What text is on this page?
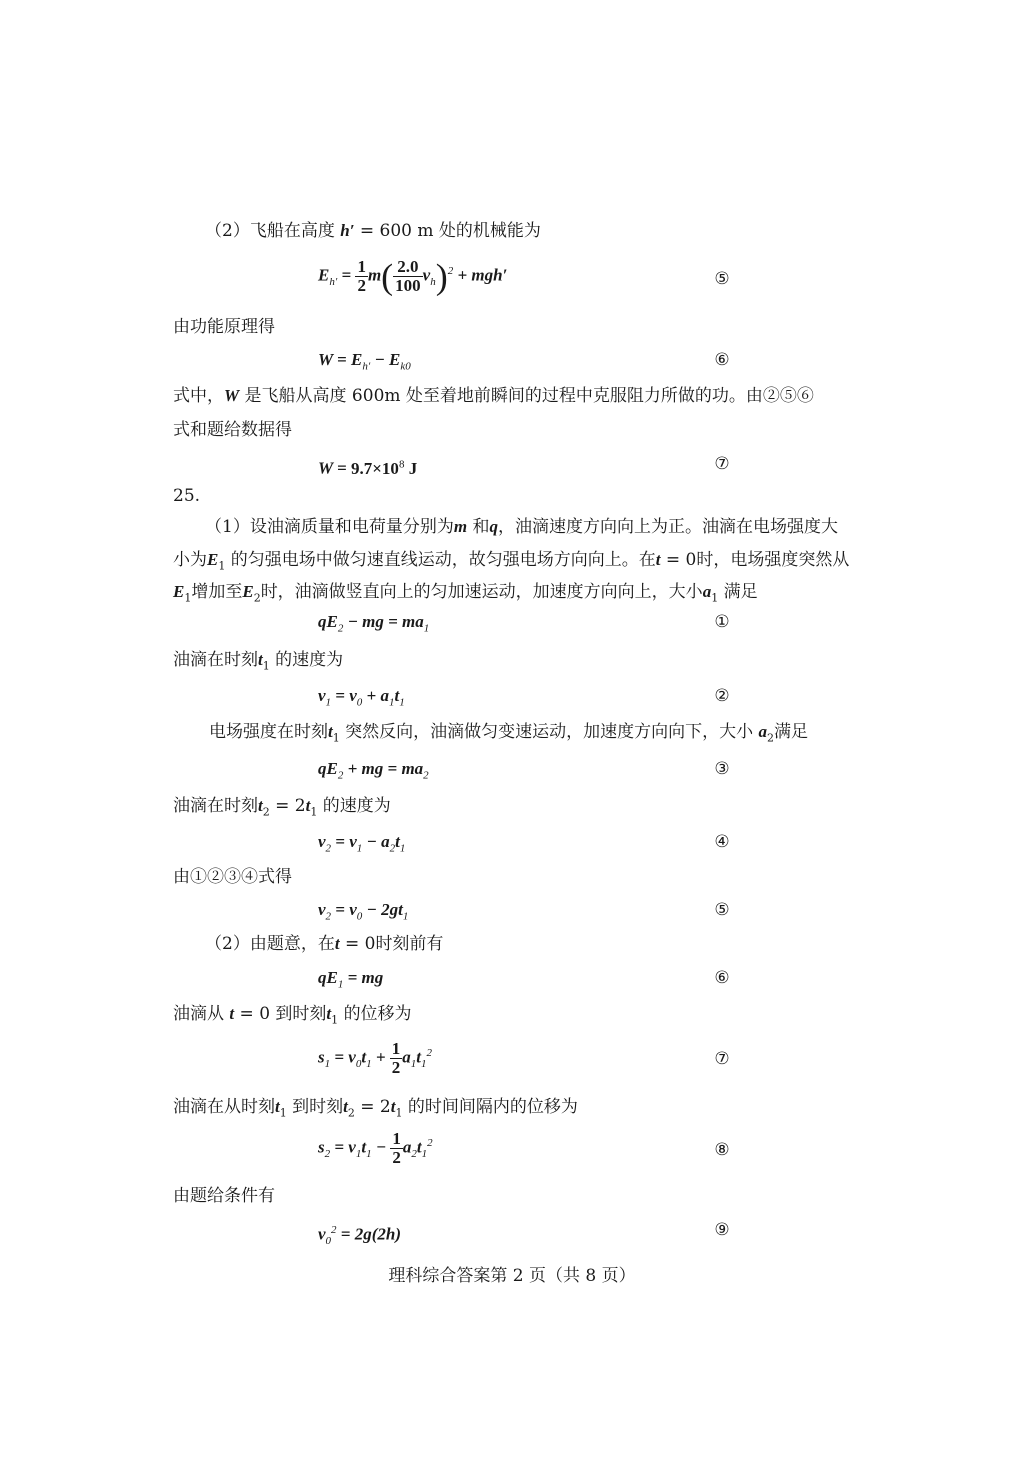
（2）飞船在高度 h′ = 600 m 处的机械能为
$E_{h'} = \frac{1}{2} m( \frac{2.0}{100} v_h)^2 + mgh'$	⑤
由功能原理得
$W = E_{h'} - E_{k0}$	⑥
式中，W 是飞船从高度 600m 处至着地前瞬间的过程中克服阻力所做的功。由②⑤⑥
式和题给数据得
$W = 9.7\times 10^8$ J	⑦
25.
（1）设油滴质量和电荷量分别为m 和q，油滴速度方向向上为正。油滴在电场强度大
小为$E_1$ 的匀强电场中做匀速直线运动，故匀强电场方向向上。在t = 0时，电场强度突然从
$E_1$增加至$E_2$时，油滴做竖直向上的匀加速运动，加速度方向向上，大小$a_1$ 满足
$qE_2$ − mg = $ma_1$	①
油滴在时刻$t_1$ 的速度为
$v_1 = v_0 + a_1t_1$	②
电场强度在时刻$t_1$ 突然反向，油滴做匀变速运动，加速度方向向下，大小 $a_2$满足
$qE_2$ + mg = $ma_2$	③
油滴在时刻$t_2 = 2t_1$ 的速度为
$v_2 = v_1 - a_2t_1$	④
由①②③④式得
$v_2 = v_0 - 2gt_1$	⑤
（2）由题意，在t = 0时刻前有
$qE_1$ = mg	⑥
油滴从 t = 0 到时刻$t_1$ 的位移为
$s_1 = v_0t_1 + \frac{1}{2} a_1t_1^2$	⑦
油滴在从时刻$t_1$ 到时刻$t_2 = 2t_1$ 的时间间隔内的位移为
$s_2 = v_1t_1 - \frac{1}{2} a_2t_1^2$	⑧
由题给条件有
$v_0^2 = 2g(2h)$	⑨
理科综合答案第 2 页（共 8 页）
